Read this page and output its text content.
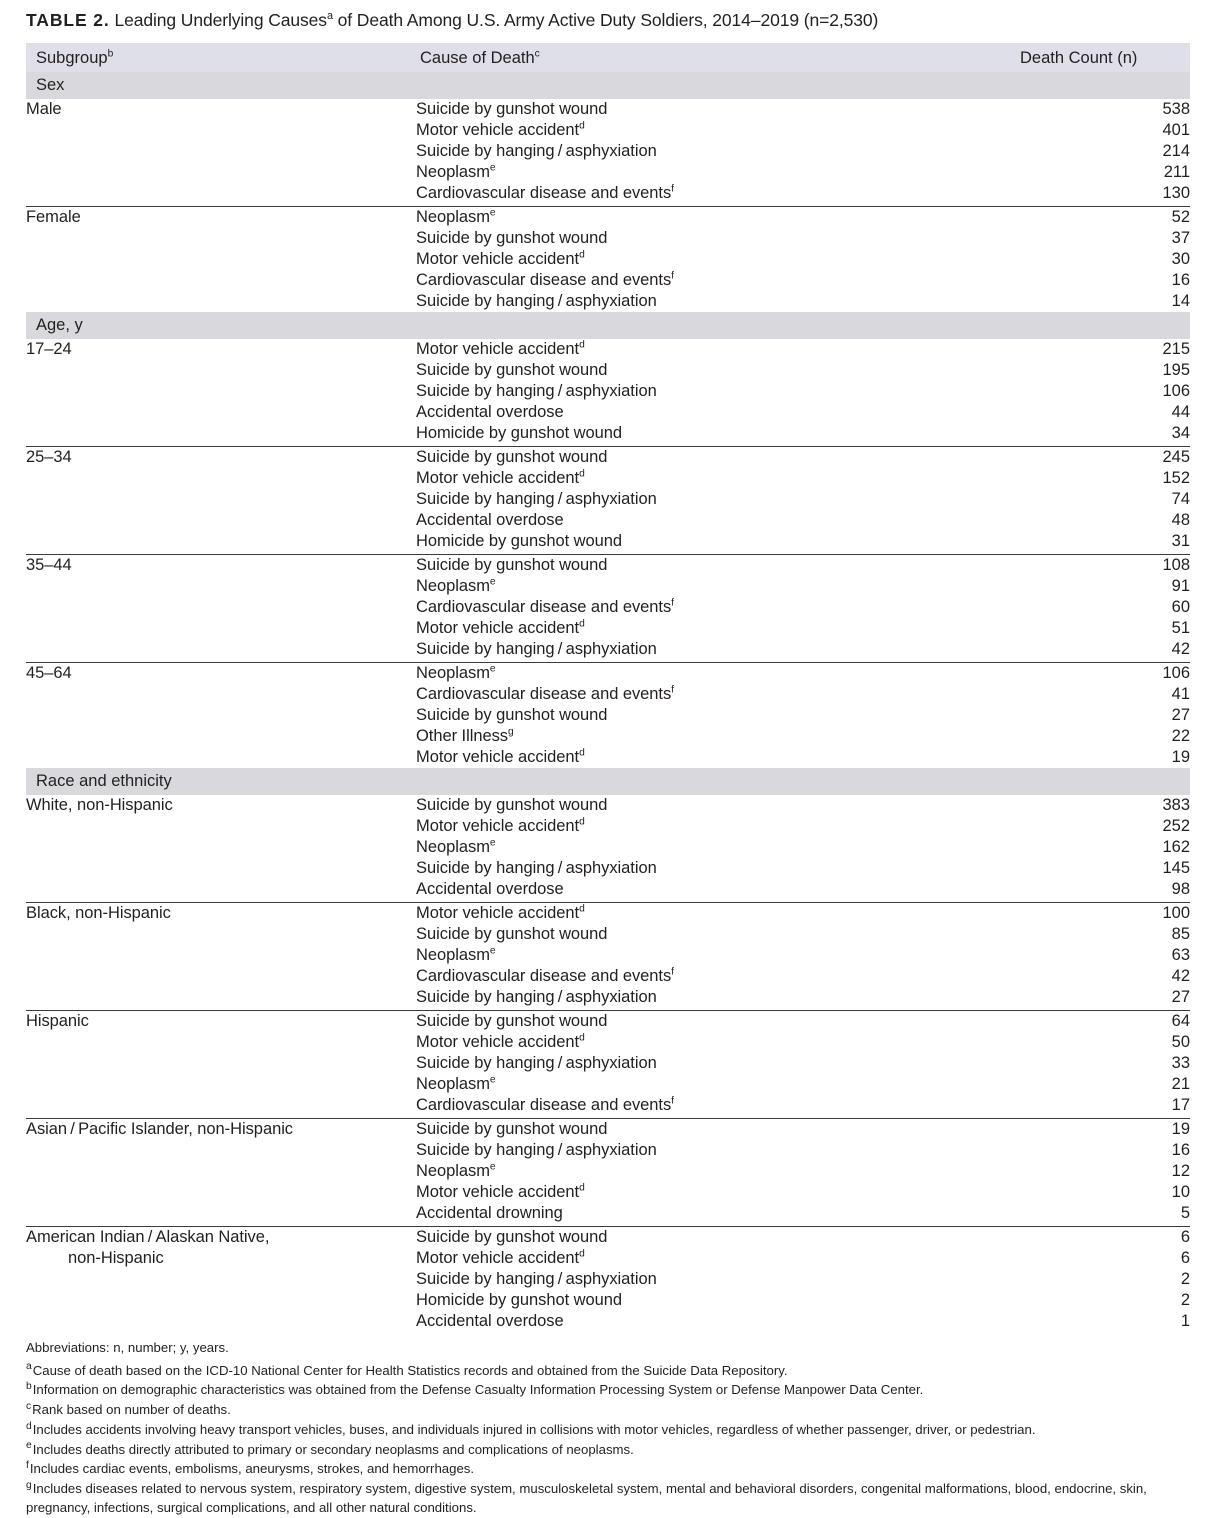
TABLE 2. Leading Underlying Causes$^a$ of Death Among U.S. Army Active Duty Soldiers, 2014–2019 (n=2,530)
Subgroup$^b$	Cause of Death$^c$	Death Count (n)
Sex		
Male	Suicide by gunshot wound	538
	Motor vehicle accident$^d$	401
	Suicide by hanging / asphyxiation	214
	Neoplasm$^e$	211
	Cardiovascular disease and events$^f$	130
Female	Neoplasm$^e$	52
	Suicide by gunshot wound	37
	Motor vehicle accident$^d$	30
	Cardiovascular disease and events$^f$	16
	Suicide by hanging / asphyxiation	14
Age, y		
17–24	Motor vehicle accident$^d$	215
	Suicide by gunshot wound	195
	Suicide by hanging / asphyxiation	106
	Accidental overdose	44
	Homicide by gunshot wound	34
25–34	Suicide by gunshot wound	245
	Motor vehicle accident$^d$	152
	Suicide by hanging / asphyxiation	74
	Accidental overdose	48
	Homicide by gunshot wound	31
35–44	Suicide by gunshot wound	108
	Neoplasm$^e$	91
	Cardiovascular disease and events$^f$	60
	Motor vehicle accident$^d$	51
	Suicide by hanging / asphyxiation	42
45–64	Neoplasm$^e$	106
	Cardiovascular disease and events$^f$	41
	Suicide by gunshot wound	27
	Other Illness$^g$	22
	Motor vehicle accident$^d$	19
Race and ethnicity		
White, non-Hispanic	Suicide by gunshot wound	383
	Motor vehicle accident$^d$	252
	Neoplasm$^e$	162
	Suicide by hanging / asphyxiation	145
	Accidental overdose	98
Black, non-Hispanic	Motor vehicle accident$^d$	100
	Suicide by gunshot wound	85
	Neoplasm$^e$	63
	Cardiovascular disease and events$^f$	42
	Suicide by hanging / asphyxiation	27
Hispanic	Suicide by gunshot wound	64
	Motor vehicle accident$^d$	50
	Suicide by hanging / asphyxiation	33
	Neoplasm$^e$	21
	Cardiovascular disease and events$^f$	17
Asian / Pacific Islander, non-Hispanic	Suicide by gunshot wound	19
	Suicide by hanging / asphyxiation	16
	Neoplasm$^e$	12
	Motor vehicle accident$^d$	10
	Accidental drowning	5
American Indian / Alaskan Native,	Suicide by gunshot wound	6
non-Hispanic	Motor vehicle accident$^d$	6
	Suicide by hanging / asphyxiation	2
	Homicide by gunshot wound	2
	Accidental overdose	1

Abbreviations: n, number; y, years.

$^a$Cause of death based on the ICD-10 National Center for Health Statistics records and obtained from the Suicide Data Repository.

$^b$Information on demographic characteristics was obtained from the Defense Casualty Information Processing System or Defense Manpower Data Center.

$^c$Rank based on number of deaths.

$^d$Includes accidents involving heavy transport vehicles, buses, and individuals injured in collisions with motor vehicles, regardless of whether passenger, driver, or pedestrian.

$^e$Includes deaths directly attributed to primary or secondary neoplasms and complications of neoplasms.

$^f$Includes cardiac events, embolisms, aneurysms, strokes, and hemorrhages.

$^g$Includes diseases related to nervous system, respiratory system, digestive system, musculoskeletal system, mental and behavioral disorders, congenital malformations, blood, endocrine, skin, pregnancy, infections, surgical complications, and all other natural conditions.
